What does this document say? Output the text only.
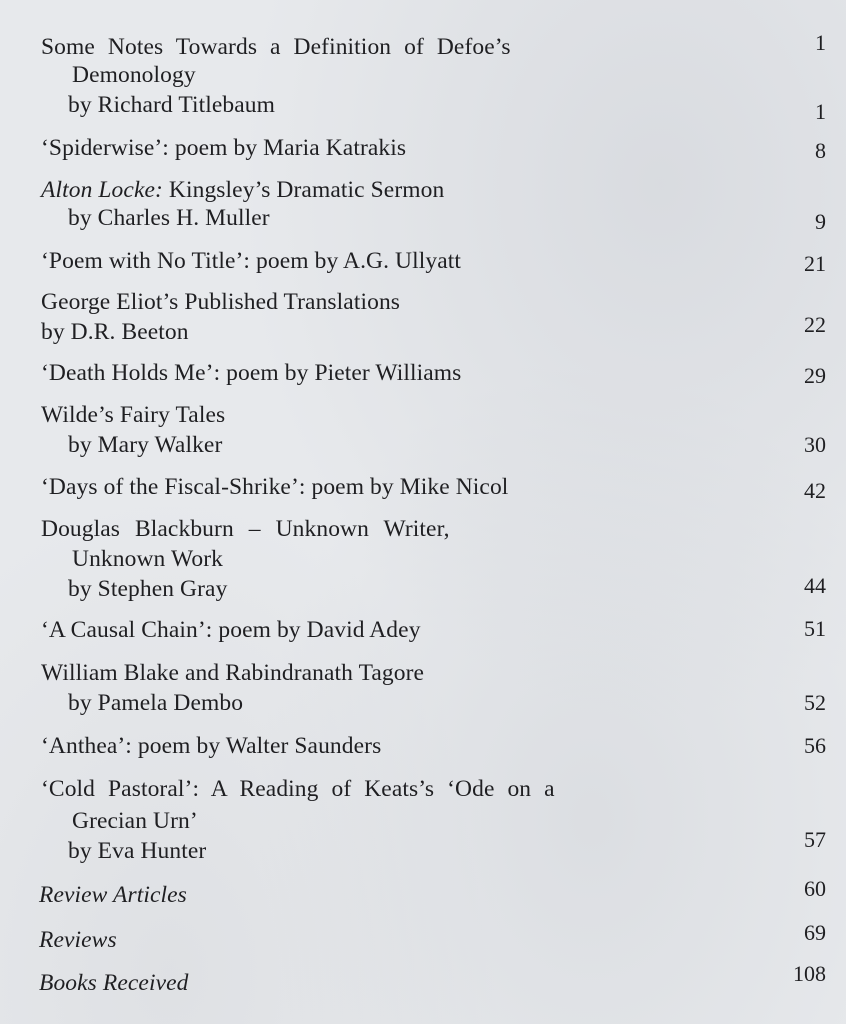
Some Notes Towards a Definition of Defoe’s	1
Demonology
by Richard Titlebaum	1
‘Spiderwise’: poem by Maria Katrakis	8
Alton Locke: Kingsley’s Dramatic Sermon
by Charles H. Muller	9
‘Poem with No Title’: poem by A.G. Ullyatt	21
George Eliot’s Published Translations
by D.R. Beeton	22
‘Death Holds Me’: poem by Pieter Williams	29
Wilde’s Fairy Tales
by Mary Walker	30
‘Days of the Fiscal-Shrike’: poem by Mike Nicol	42
Douglas Blackburn – Unknown Writer,
Unknown Work
by Stephen Gray	44
‘A Causal Chain’: poem by David Adey	51
William Blake and Rabindranath Tagore
by Pamela Dembo	52
‘Anthea’: poem by Walter Saunders	56
‘Cold Pastoral’: A Reading of Keats’s ‘Ode on a
Grecian Urn’
by Eva Hunter	57
Review Articles	60
Reviews	69
Books Received	108
